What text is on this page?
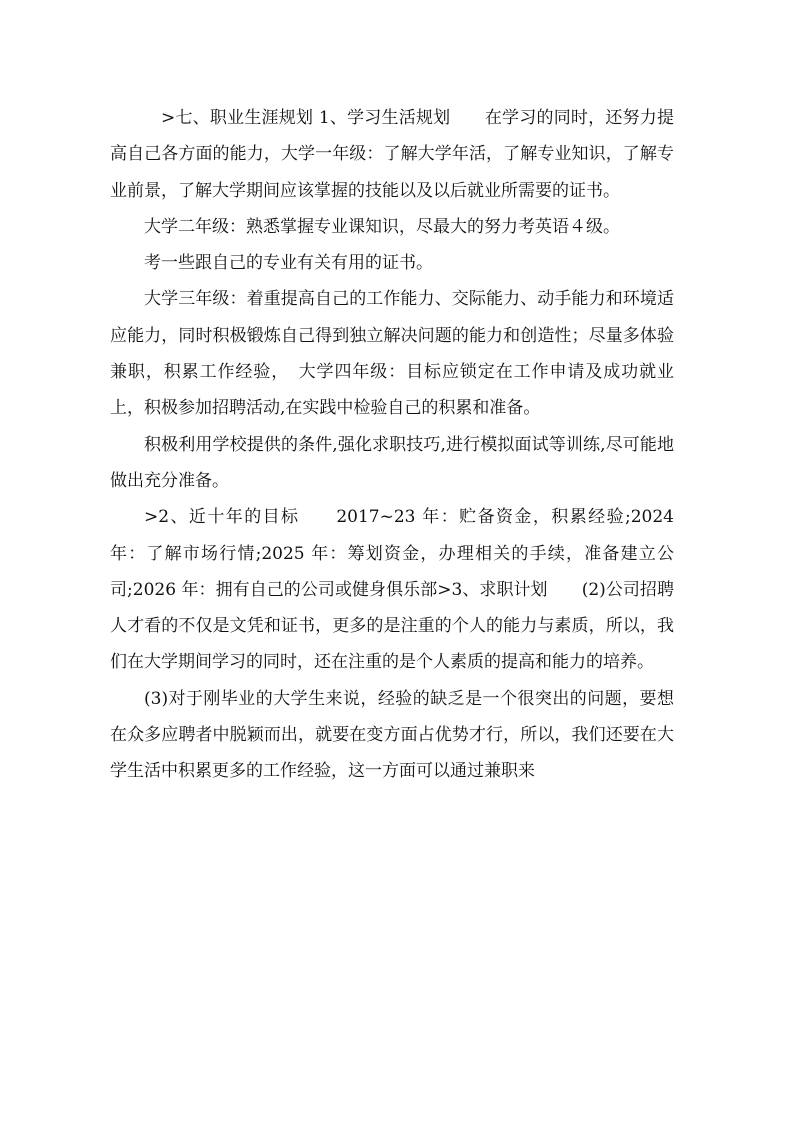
>七、职业生涯规划 1、学习生活规划　　在学习的同时，还努力提高自己各方面的能力，大学一年级：了解大学年活，了解专业知识，了解专业前景，了解大学期间应该掌握的技能以及以后就业所需要的证书。

大学二年级：熟悉掌握专业课知识，尽最大的努力考英语４级。

考一些跟自己的专业有关有用的证书。

大学三年级：着重提高自己的工作能力、交际能力、动手能力和环境适应能力，同时积极锻炼自己得到独立解决问题的能力和创造性；尽量多体验兼职，积累工作经验，　大学四年级：目标应锁定在工作申请及成功就业上，积极参加招聘活动,在实践中检验自己的积累和准备。

积极利用学校提供的条件,强化求职技巧,进行模拟面试等训练,尽可能地做出充分准备。

>2、近十年的目标　　2017~23 年：贮备资金，积累经验;2024 年：了解市场行情;2025 年：筹划资金，办理相关的手续，准备建立公司;2026 年：拥有自己的公司或健身俱乐部>3、求职计划　　(2)公司招聘人才看的不仅是文凭和证书，更多的是注重的个人的能力与素质，所以，我们在大学期间学习的同时，还在注重的是个人素质的提高和能力的培养。

(3)对于刚毕业的大学生来说，经验的缺乏是一个很突出的问题，要想在众多应聘者中脱颖而出，就要在变方面占优势才行，所以，我们还要在大学生活中积累更多的工作经验，这一方面可以通过兼职来
